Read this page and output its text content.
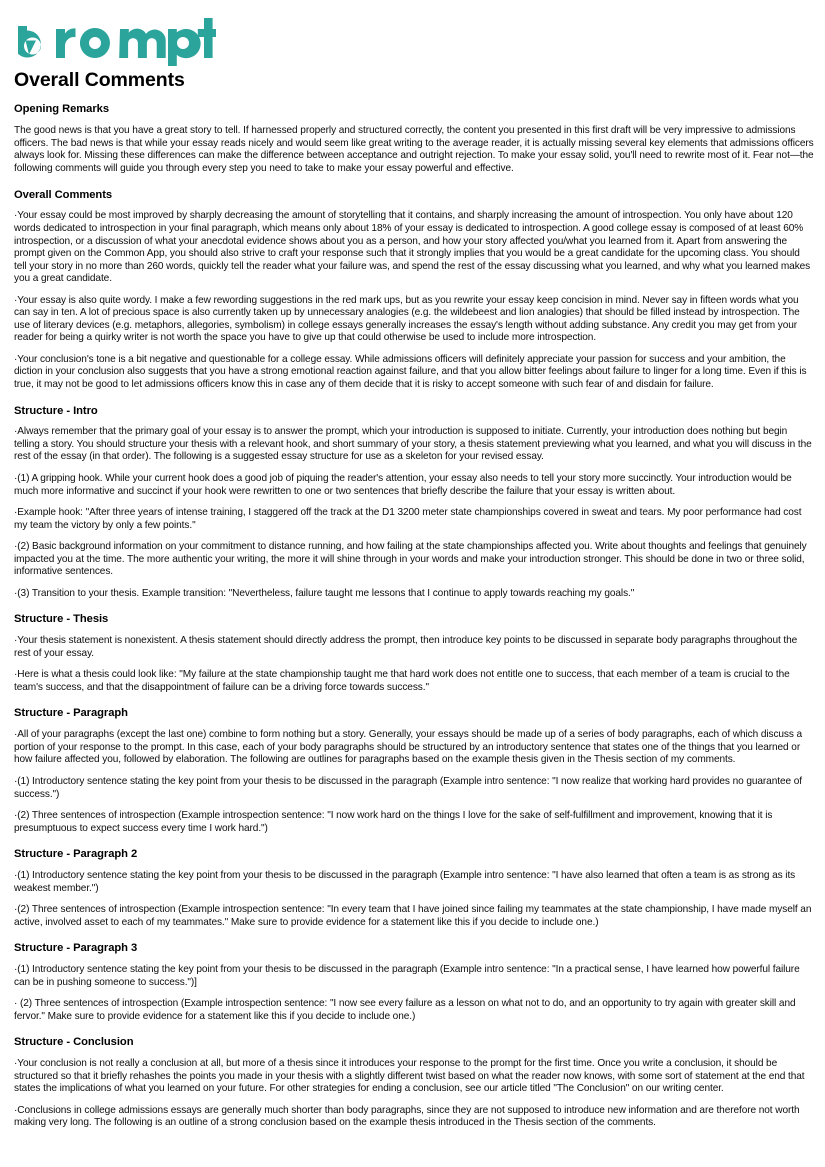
Overall Comments
Opening Remarks

The good news is that you have a great story to tell. If harnessed properly and structured correctly, the content you presented in this first draft will be very impressive to admissions officers. The bad news is that while your essay reads nicely and would seem like great writing to the average reader, it is actually missing several key elements that admissions officers always look for. Missing these differences can make the difference between acceptance and outright rejection. To make your essay solid, you'll need to rewrite most of it. Fear not—the following comments will guide you through every step you need to take to make your essay powerful and effective.

Overall Comments

·Your essay could be most improved by sharply decreasing the amount of storytelling that it contains, and sharply increasing the amount of introspection. You only have about 120 words dedicated to introspection in your final paragraph, which means only about 18% of your essay is dedicated to introspection. A good college essay is composed of at least 60% introspection, or a discussion of what your anecdotal evidence shows about you as a person, and how your story affected you/what you learned from it. Apart from answering the prompt given on the Common App, you should also strive to craft your response such that it strongly implies that you would be a great candidate for the upcoming class. You should tell your story in no more than 260 words, quickly tell the reader what your failure was, and spend the rest of the essay discussing what you learned, and why what you learned makes you a great candidate.

·Your essay is also quite wordy. I make a few rewording suggestions in the red mark ups, but as you rewrite your essay keep concision in mind. Never say in fifteen words what you can say in ten. A lot of precious space is also currently taken up by unnecessary analogies (e.g. the wildebeest and lion analogies) that should be filled instead by introspection. The use of literary devices (e.g. metaphors, allegories, symbolism) in college essays generally increases the essay's length without adding substance. Any credit you may get from your reader for being a quirky writer is not worth the space you have to give up that could otherwise be used to include more introspection.

·Your conclusion's tone is a bit negative and questionable for a college essay. While admissions officers will definitely appreciate your passion for success and your ambition, the diction in your conclusion also suggests that you have a strong emotional reaction against failure, and that you allow bitter feelings about failure to linger for a long time. Even if this is true, it may not be good to let admissions officers know this in case any of them decide that it is risky to accept someone with such fear of and disdain for failure.

Structure - Intro

·Always remember that the primary goal of your essay is to answer the prompt, which your introduction is supposed to initiate. Currently, your introduction does nothing but begin telling a story. You should structure your thesis with a relevant hook, and short summary of your story, a thesis statement previewing what you learned, and what you will discuss in the rest of the essay (in that order). The following is a suggested essay structure for use as a skeleton for your revised essay.

·(1) A gripping hook. While your current hook does a good job of piquing the reader's attention, your essay also needs to tell your story more succinctly. Your introduction would be much more informative and succinct if your hook were rewritten to one or two sentences that briefly describe the failure that your essay is written about.

·Example hook: "After three years of intense training, I staggered off the track at the D1 3200 meter state championships covered in sweat and tears. My poor performance had cost my team the victory by only a few points."

·(2) Basic background information on your commitment to distance running, and how failing at the state championships affected you. Write about thoughts and feelings that genuinely impacted you at the time. The more authentic your writing, the more it will shine through in your words and make your introduction stronger. This should be done in two or three solid, informative sentences.

·(3) Transition to your thesis. Example transition: "Nevertheless, failure taught me lessons that I continue to apply towards reaching my goals."

Structure - Thesis

·Your thesis statement is nonexistent. A thesis statement should directly address the prompt, then introduce key points to be discussed in separate body paragraphs throughout the rest of your essay.

·Here is what a thesis could look like: "My failure at the state championship taught me that hard work does not entitle one to success, that each member of a team is crucial to the team's success, and that the disappointment of failure can be a driving force towards success."

Structure - Paragraph

·All of your paragraphs (except the last one) combine to form nothing but a story. Generally, your essays should be made up of a series of body paragraphs, each of which discuss a portion of your response to the prompt. In this case, each of your body paragraphs should be structured by an introductory sentence that states one of the things that you learned or how failure affected you, followed by elaboration. The following are outlines for paragraphs based on the example thesis given in the Thesis section of my comments.

·(1) Introductory sentence stating the key point from your thesis to be discussed in the paragraph (Example intro sentence: "I now realize that working hard provides no guarantee of success.")

·(2) Three sentences of introspection (Example introspection sentence: "I now work hard on the things I love for the sake of self-fulfillment and improvement, knowing that it is presumptuous to expect success every time I work hard.")

Structure - Paragraph 2

·(1) Introductory sentence stating the key point from your thesis to be discussed in the paragraph (Example intro sentence: "I have also learned that often a team is as strong as its weakest member.")

·(2) Three sentences of introspection (Example introspection sentence: "In every team that I have joined since failing my teammates at the state championship, I have made myself an active, involved asset to each of my teammates." Make sure to provide evidence for a statement like this if you decide to include one.)

Structure - Paragraph 3

·(1) Introductory sentence stating the key point from your thesis to be discussed in the paragraph (Example intro sentence: "In a practical sense, I have learned how powerful failure can be in pushing someone to success.")]

· (2) Three sentences of introspection (Example introspection sentence: "I now see every failure as a lesson on what not to do, and an opportunity to try again with greater skill and fervor." Make sure to provide evidence for a statement like this if you decide to include one.)

Structure - Conclusion

·Your conclusion is not really a conclusion at all, but more of a thesis since it introduces your response to the prompt for the first time. Once you write a conclusion, it should be structured so that it briefly rehashes the points you made in your thesis with a slightly different twist based on what the reader now knows, with some sort of statement at the end that states the implications of what you learned on your future. For other strategies for ending a conclusion, see our article titled "The Conclusion" on our writing center.

·Conclusions in college admissions essays are generally much shorter than body paragraphs, since they are not supposed to introduce new information and are therefore not worth making very long. The following is an outline of a strong conclusion based on the example thesis introduced in the Thesis section of the comments.
